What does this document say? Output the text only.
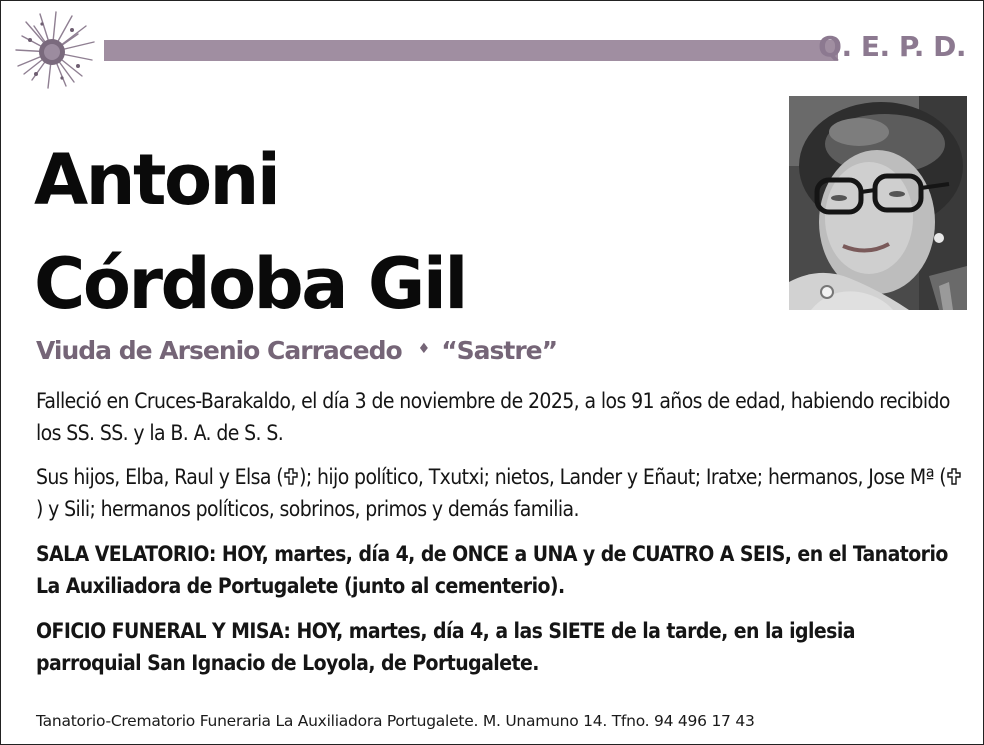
Q. E. P. D.
Antoni
Córdoba Gil
Viuda de Arsenio Carracedo ♦ “Sastre”
Falleció en Cruces-Barakaldo, el día 3 de noviembre de 2025, a los 91 años de edad, habiendo recibido los SS. SS. y la B. A. de S. S.
Sus hijos, Elba, Raul y Elsa ( ); hijo político, Txutxi; nietos, Lander y Eñaut; Iratxe; hermanos, Jose Mª () y Sili; hermanos políticos, sobrinos, primos y demás familia.
SALA VELATORIO: HOY, martes, día 4, de ONCE a UNA y de CUATRO A SEIS, en el Tanatorio La Auxiliadora de Portugalete (junto al cementerio).
OFICIO FUNERAL Y MISA: HOY, martes, día 4, a las SIETE de la tarde, en la iglesia parroquial San Ignacio de Loyola, de Portugalete.
Tanatorio-Crematorio Funeraria La Auxiliadora Portugalete. M. Unamuno 14. Tfno. 94 496 17 43
